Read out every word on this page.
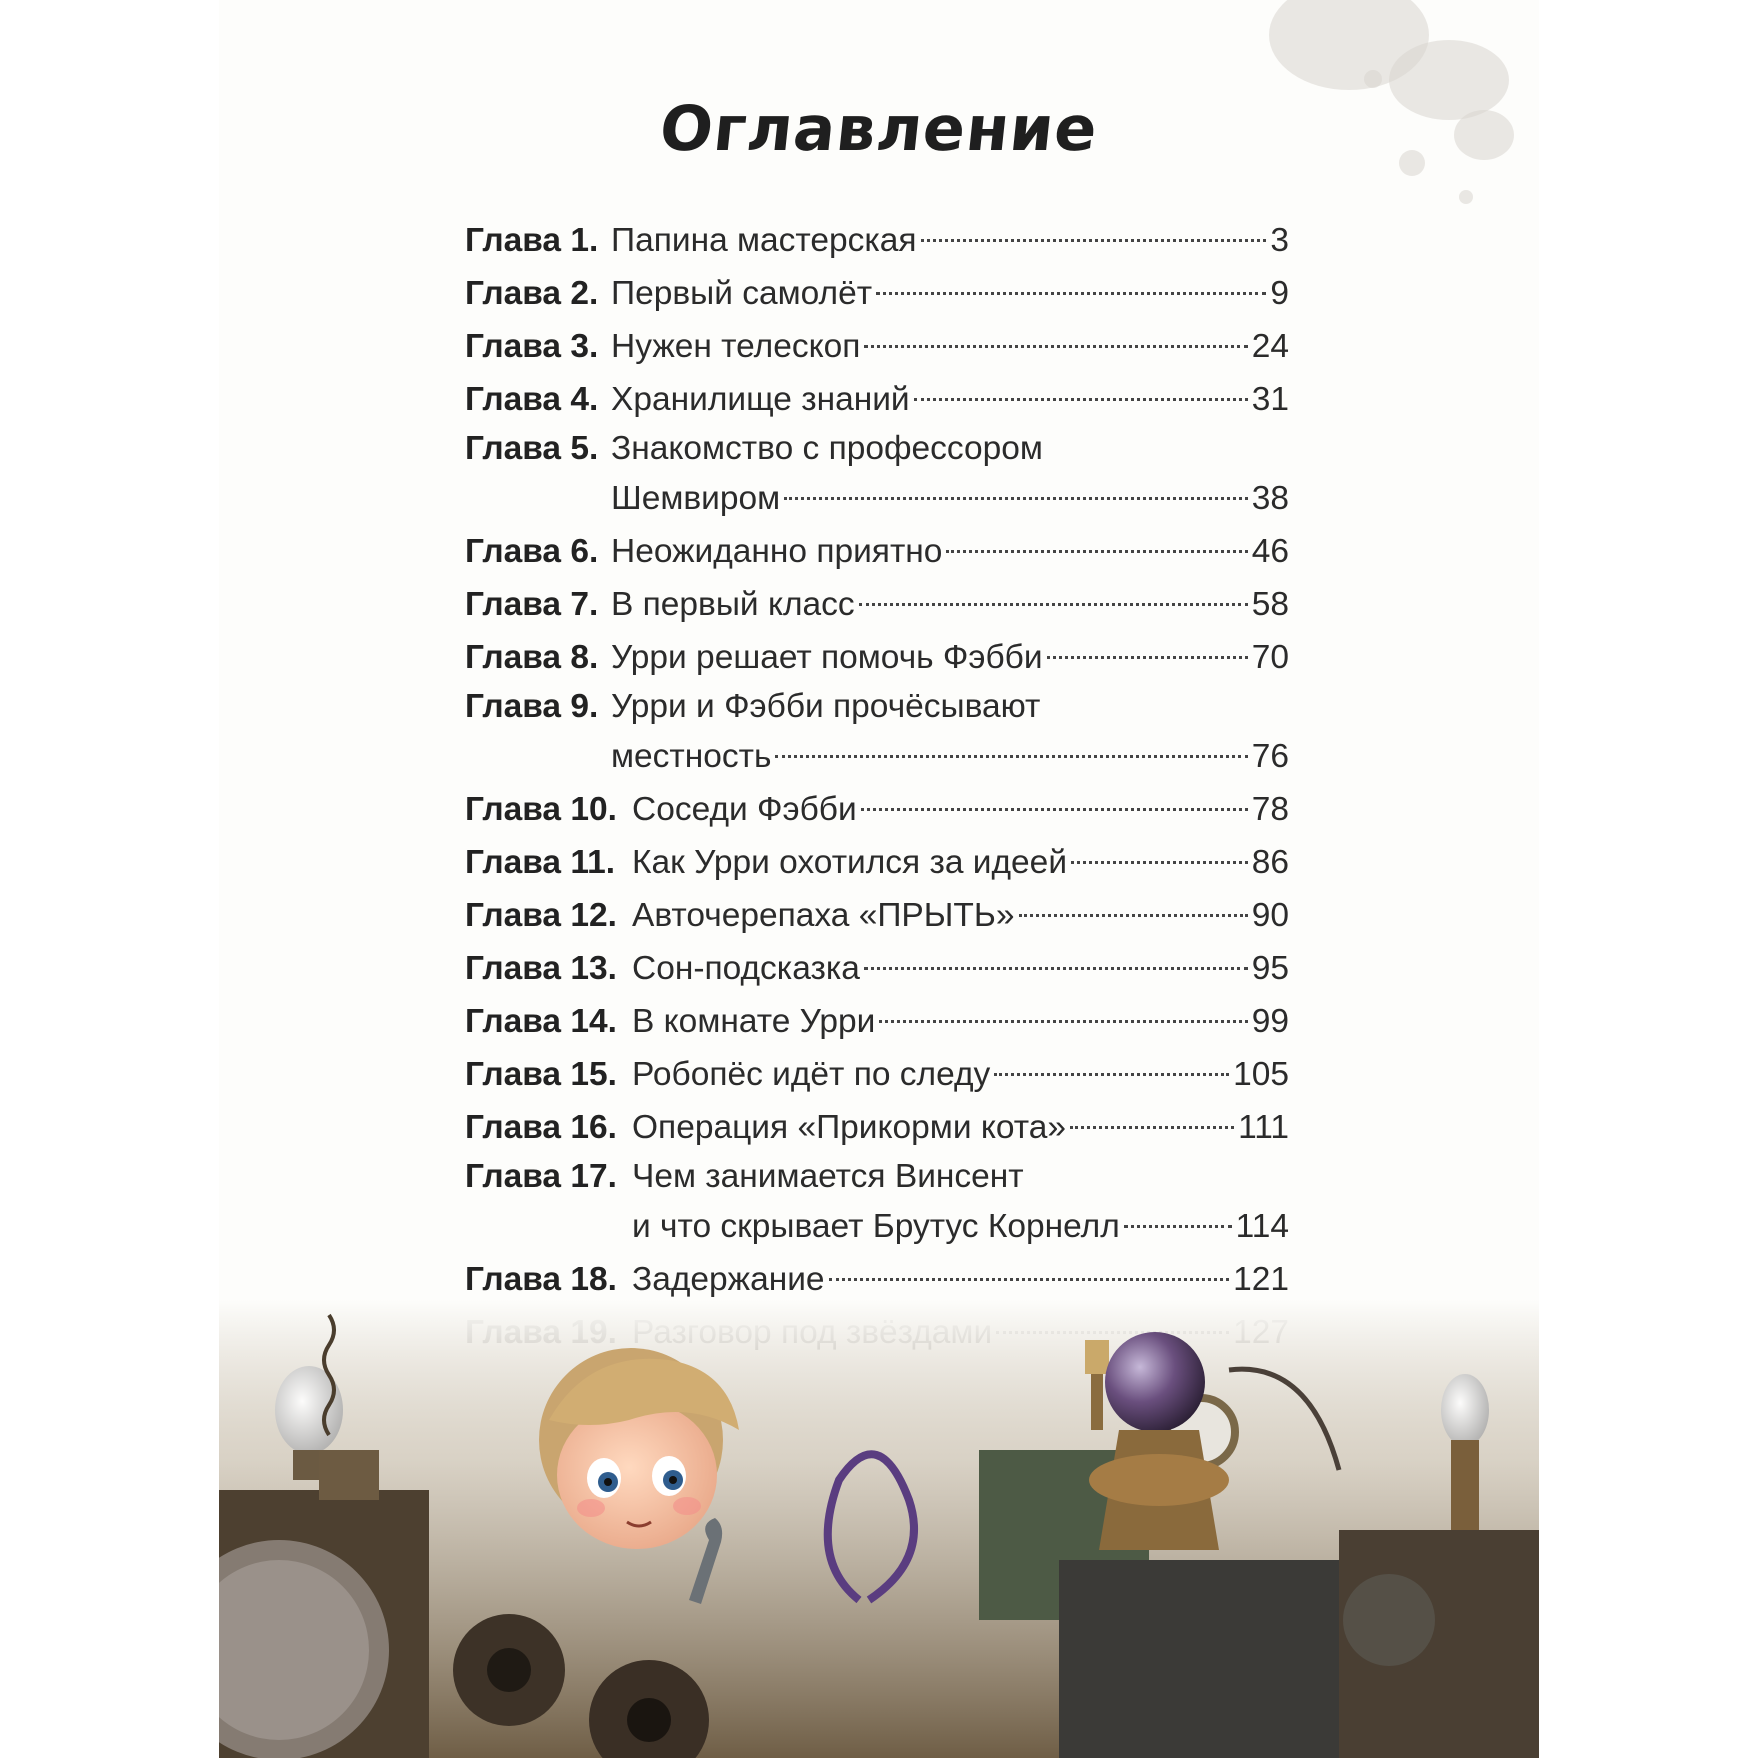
Оглавление
Глава 1. Папина мастерская	3
Глава 2. Первый самолёт	9
Глава 3. Нужен телескоп	24
Глава 4. Хранилище знаний	31
Глава 5. Знакомство с профессором
Шемвиром	38
Глава 6. Неожиданно приятно	46
Глава 7. В первый класс	58
Глава 8. Урри решает помочь Фэбби	70
Глава 9. Урри и Фэбби прочёсывают
местность	76
Глава 10. Соседи Фэбби	78
Глава 11. Как Урри охотился за идеей	86
Глава 12. Авточерепаха «ПРЫТЬ»	90
Глава 13. Сон-подсказка	95
Глава 14. В комнате Урри	99
Глава 15. Робопёс идёт по следу	105
Глава 16. Операция «Прикорми кота»	111
Глава 17. Чем занимается Винсент
и что скрывает Брутус Корнелл	114
Глава 18. Задержание	121
